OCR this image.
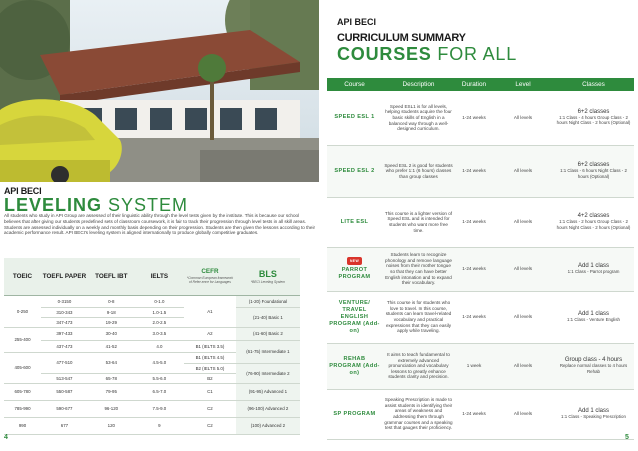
API BECI
LEVELING SYSTEM

All students who study in API Group are assessed of their linguistic ability through the level tests given by the institute. This is because our school believes that after giving our students predefined sets of classroom coursework, it is fair to track their progression through level tests in all skill areas. Students are assessed individually on a weekly and monthly basis depending on their progression. Students are then given the lessons according to their academic performance result. API BECI's leveling system is aligned internationally to produce globally competitive graduates.

TOEIC	TOEFL PAPER	TOEFL IBT	IELTS	CEFR
*Common European framework of Refer-ence for Languages	BLS
*BECI Leveling System

0-250	0-3150	0-8	0-1.0	A1	(1-20) Foundational
	310-343	9-18	1.0-1.5		(21-40) Basic 1
	347-473	19-29	2.0-2.5		
255-400	397-433	30-40	3.0-3.5	A2	(41-60) Basic 2
	437-473	41-52	4.0	B1 (IELTS 3.5)	(61-75) Intermediate 1
405-600	477-510	53-64	4.5-5.0	B1 (IELTS 4.5)	
				B2 (IELTS 5.0)	(76-90) Intermediate 2
	513-547	65-78	5.5-6.0	B2	
605-780	550-587	79-95	6.5-7.0	C1	(91-95) Advanced 1
785-990	590-677	96-120	7.5-9.0	C2	(96-100) Advanced 2
990	677	120	9	C2	(100) Advanced 2
4
API BECI
CURRICULUM SUMMARY
COURSES FOR ALL
Course	Description	Duration	Level	Classes
SPEED ESL 1	Speed ESL1 is for all levels, helping students acquire the four basic skills of English in a balanced way through a well-designed curriculum.	1-24 weeks	All levels	6+2 classes
1:1 Class - 4 hours Group Class - 2 hours Night Class - 2 hours (Optional)
SPEED ESL 2	Speed ESL 2 is good for students who prefer 1:1 (6 hours) classes than group classes	1-24 weeks	All levels	6+2 classes
1:1 Class - 6 hours Night Class - 2 hours (Optional)
LITE ESL	This course is a lighter version of Speed ESL and is intended for students who want more free time.	1-24 weeks	All levels	4+2 classes
1:1 Class - 2 hours Group Class - 2 hours Night Class - 2 hours (Optional)
NEW
PARROT PROGRAM	Students learn to recognize phonology and remove language noises from their mother tongue so that they can have better English intonation and to expand their vocabulary.	1-24 weeks	All levels	Add 1 class
1:1 Class - Parrot program
VENTURE/ TRAVEL ENGLISH PROGRAM (Add-on)	This course is for students who love to travel. In this course, students can learn travel-related vocabulary and practical expressions that they can easily apply while traveling.	1-24 weeks	All levels	Add 1 class
1:1 Class - Venture English
REHAB PROGRAM (Add-on)	It aims to teach fundamental to extremely advanced pronunciation and vocabulary lessons to greatly enhance students clarity and precision.	1 week	All levels	Group class - 4 hours
Replace normal classes to 4 hours Rehab
SP PROGRAM	Speaking Prescription is made to assist students in identifying their areas of weakness and addressing them through grammar courses and a speaking test that gauges their proficiency.	1-24 weeks	All levels	Add 1 class
1:1 Class - Speaking Prescription
5
